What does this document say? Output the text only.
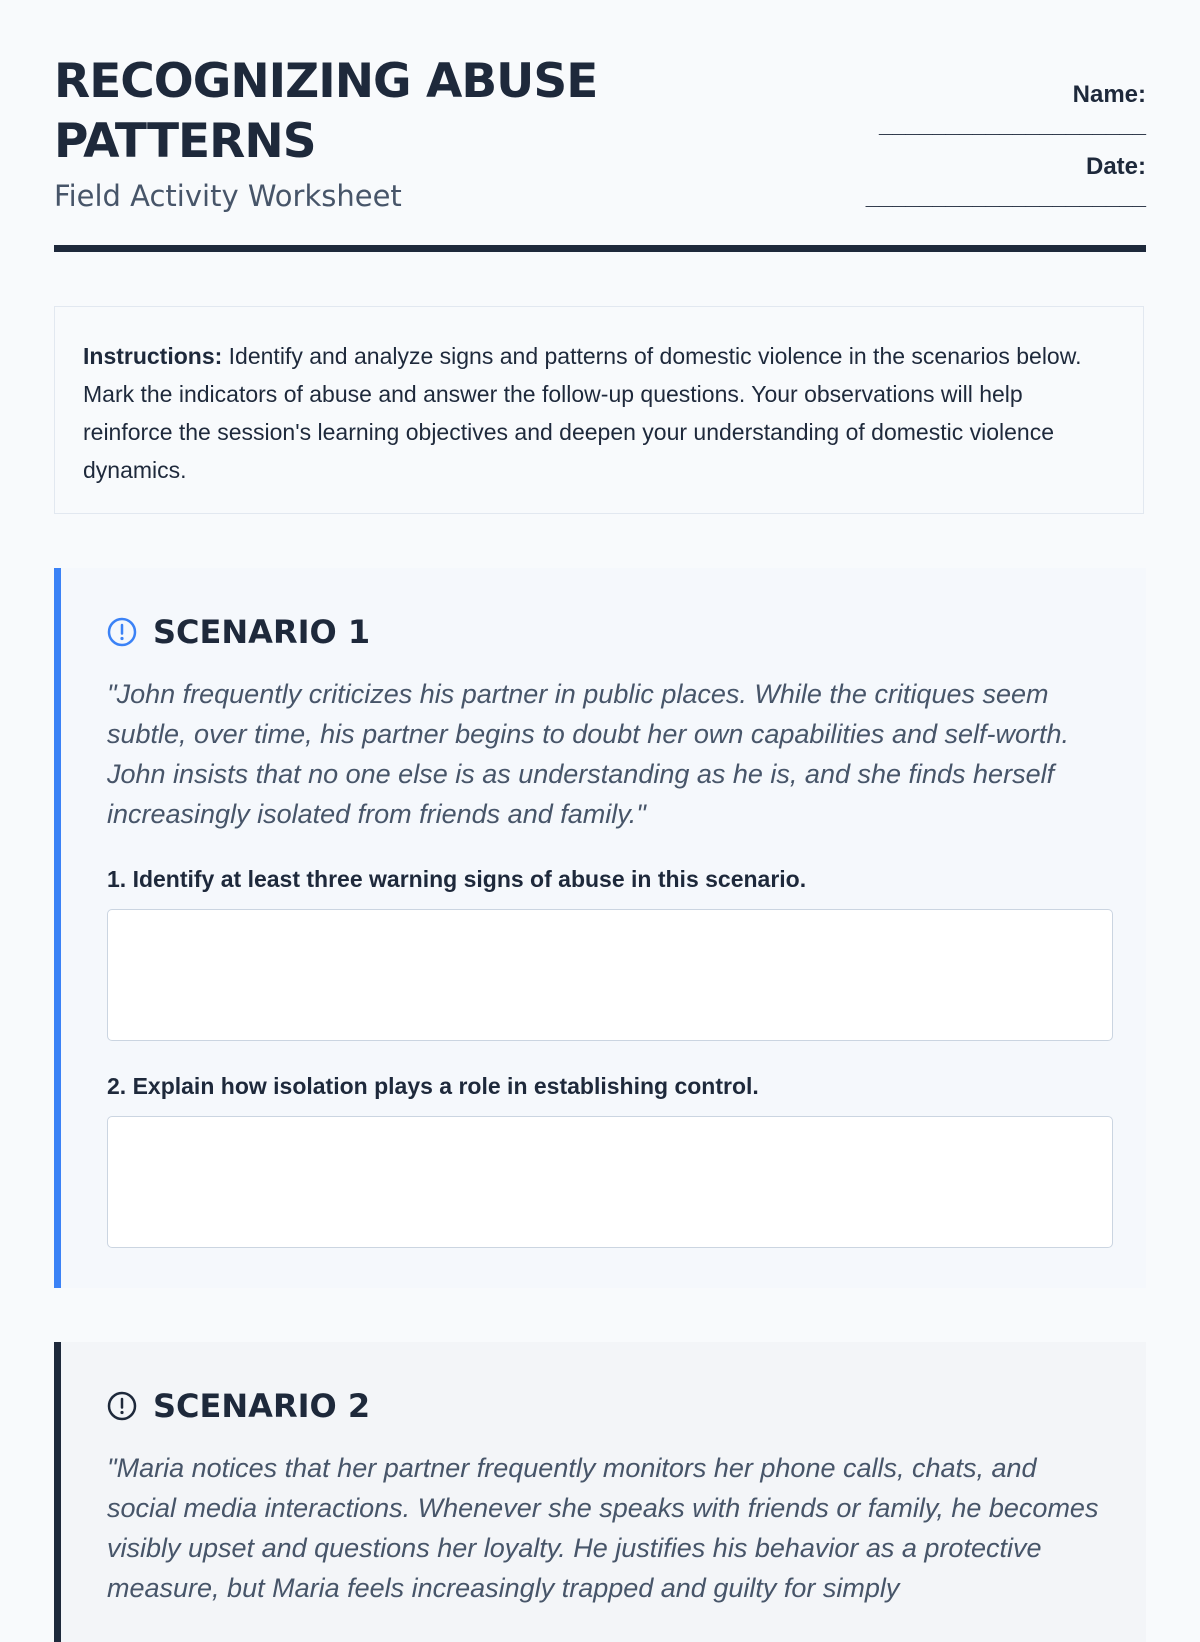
RECOGNIZING ABUSE PATTERNS

Field Activity Worksheet

Name:
____________________
Date:
_____________________
Instructions: Identify and analyze signs and patterns of domestic violence in the scenarios below. Mark the indicators of abuse and answer the follow-up questions. Your observations will help reinforce the session's learning objectives and deepen your understanding of domestic violence dynamics.
SCENARIO 1

"John frequently criticizes his partner in public places. While the critiques seem subtle, over time, his partner begins to doubt her own capabilities and self-worth. John insists that no one else is as understanding as he is, and she finds herself increasingly isolated from friends and family."

1. Identify at least three warning signs of abuse in this scenario.

2. Explain how isolation plays a role in establishing control.

SCENARIO 2

"Maria notices that her partner frequently monitors her phone calls, chats, and social media interactions. Whenever she speaks with friends or family, he becomes visibly upset and questions her loyalty. He justifies his behavior as a protective measure, but Maria feels increasingly trapped and guilty for simply
